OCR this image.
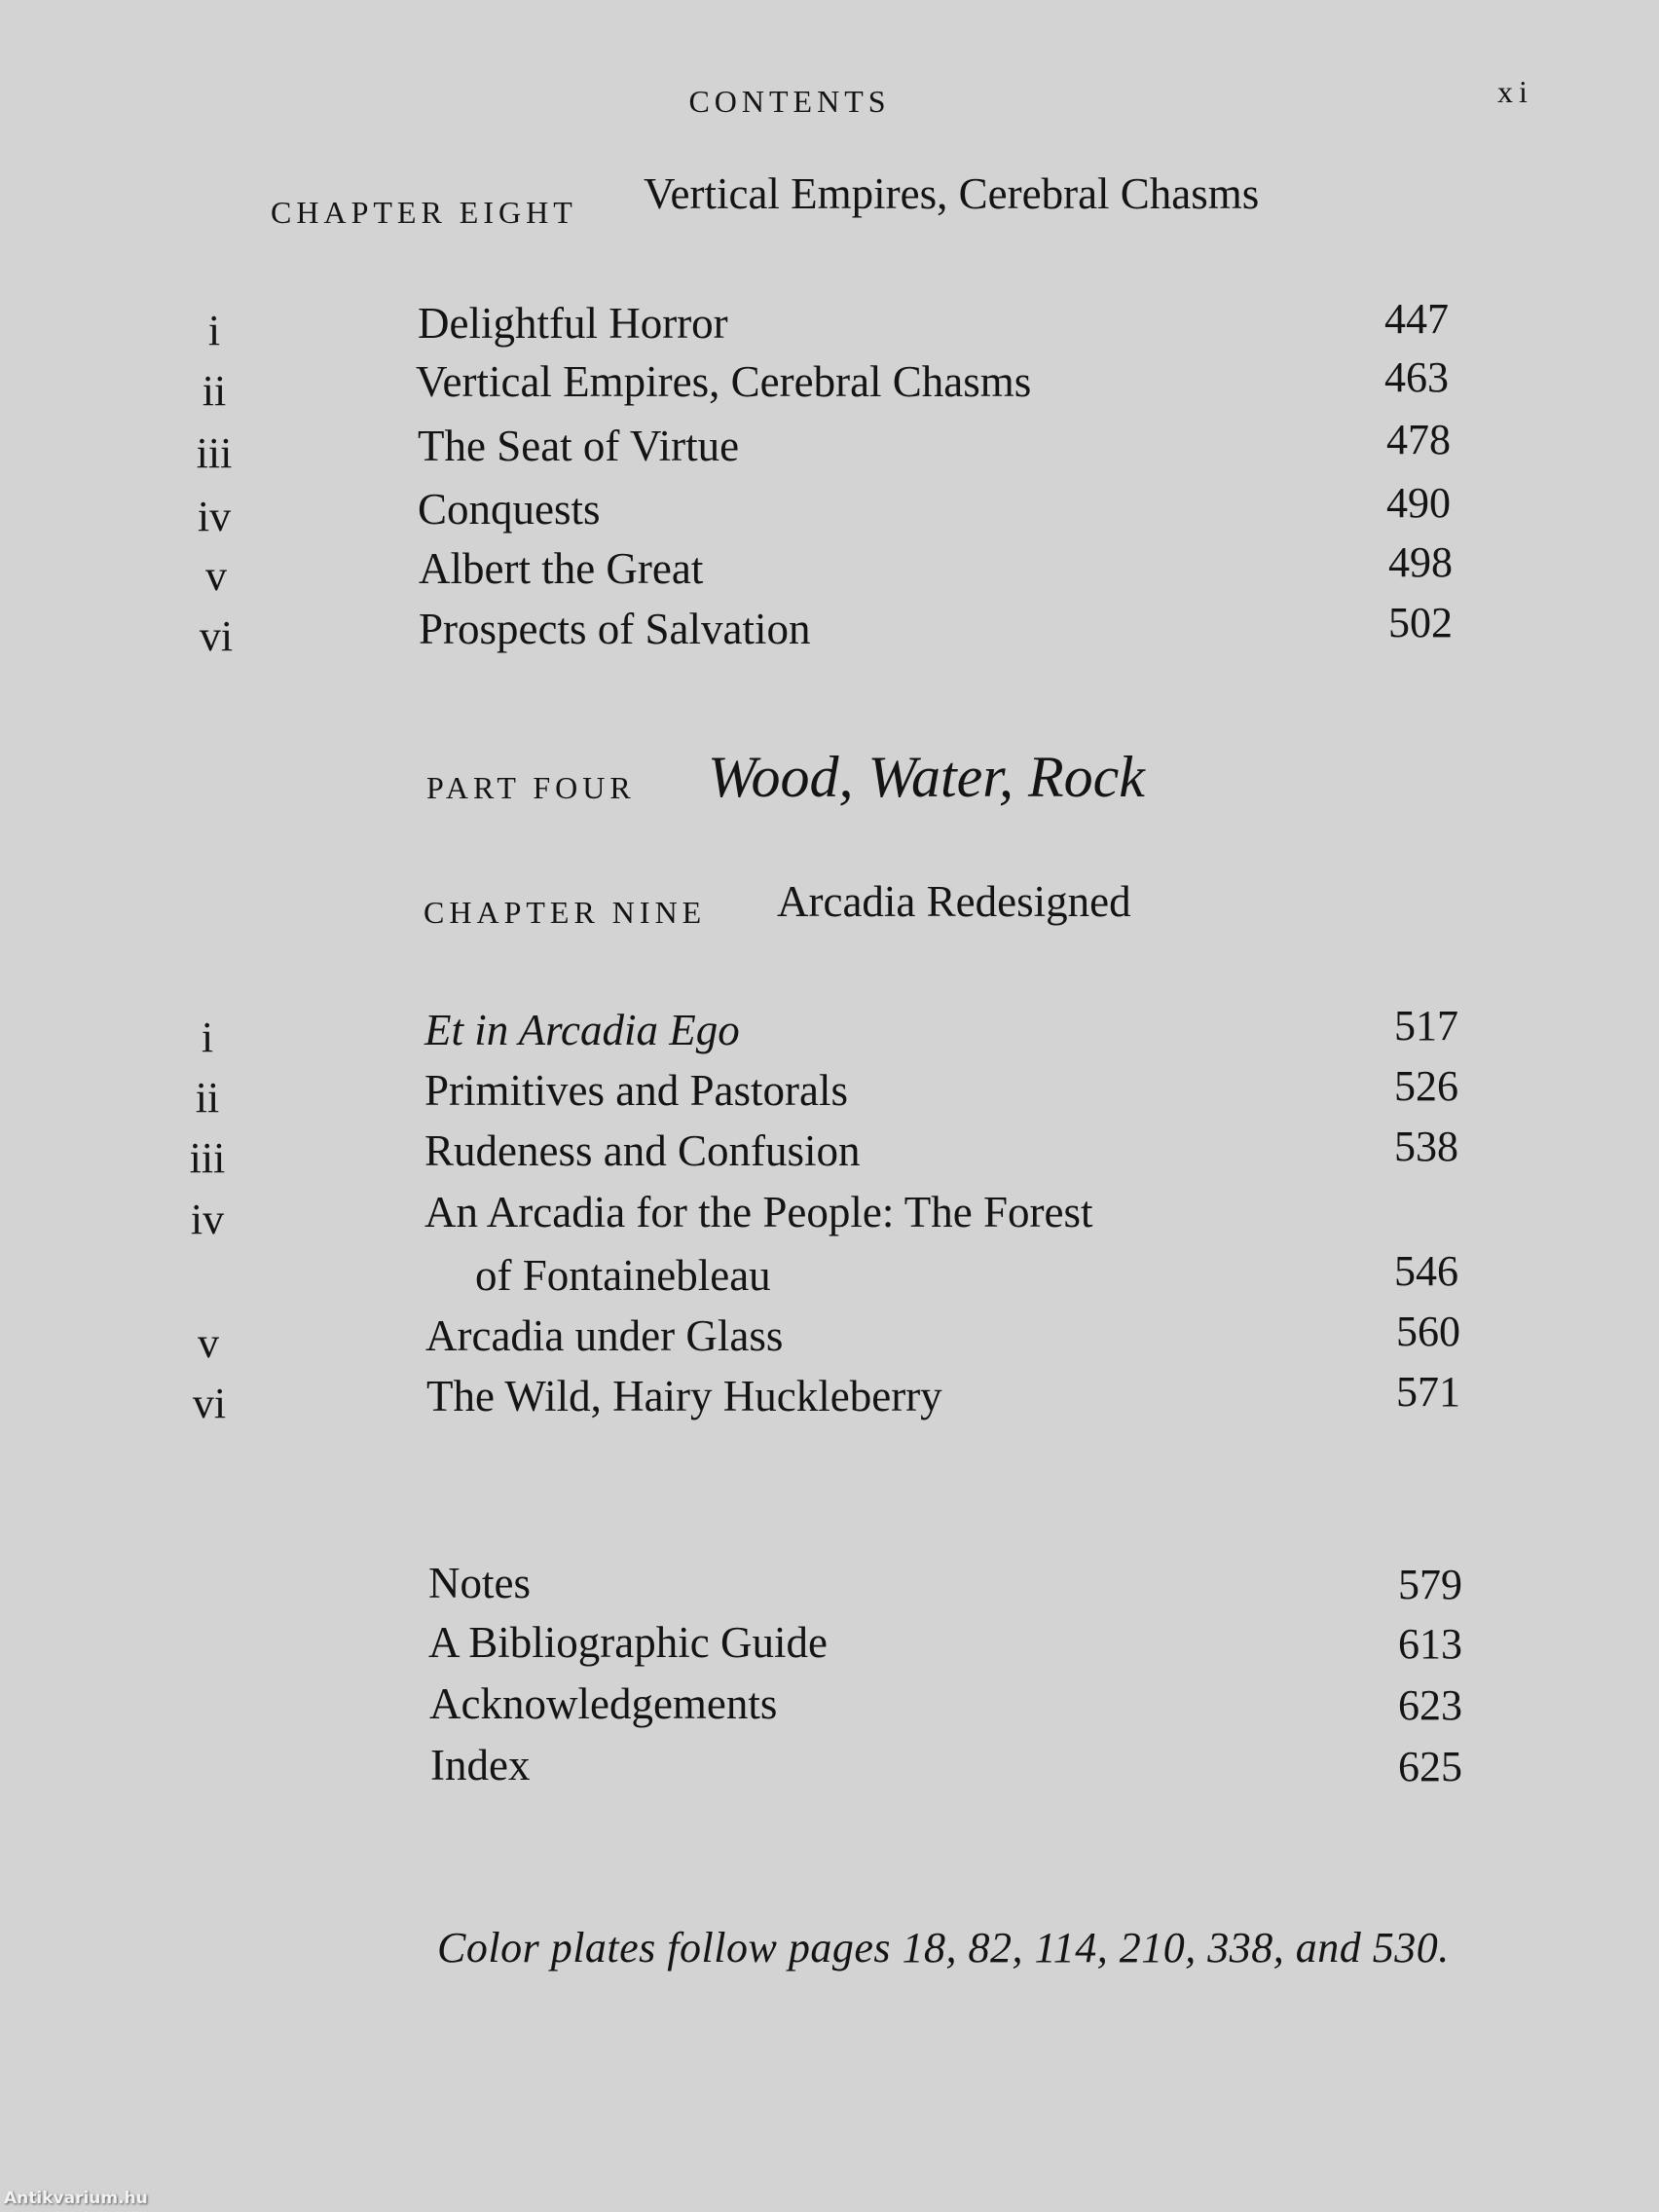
CONTENTS	xi
CHAPTER EIGHT Vertical Empires, Cerebral Chasms
i	Delightful Horror	447
ii	Vertical Empires, Cerebral Chasms	463
iii	The Seat of Virtue	478
iv	Conquests	490
v	Albert the Great	498
vi	Prospects of Salvation	502
PART FOUR Wood, Water, Rock
CHAPTER NINE Arcadia Redesigned
i	Et in Arcadia Ego	517
ii	Primitives and Pastorals	526
iii	Rudeness and Confusion	538
iv	An Arcadia for the People: The Forest
of Fontainebleau	546
v	Arcadia under Glass	560
vi	The Wild, Hairy Huckleberry	571
Notes	579
A Bibliographic Guide	613
Acknowledgements	623
Index	625
Color plates follow pages 18, 82, 114, 210, 338, and 530.
Antikvarium.hu
